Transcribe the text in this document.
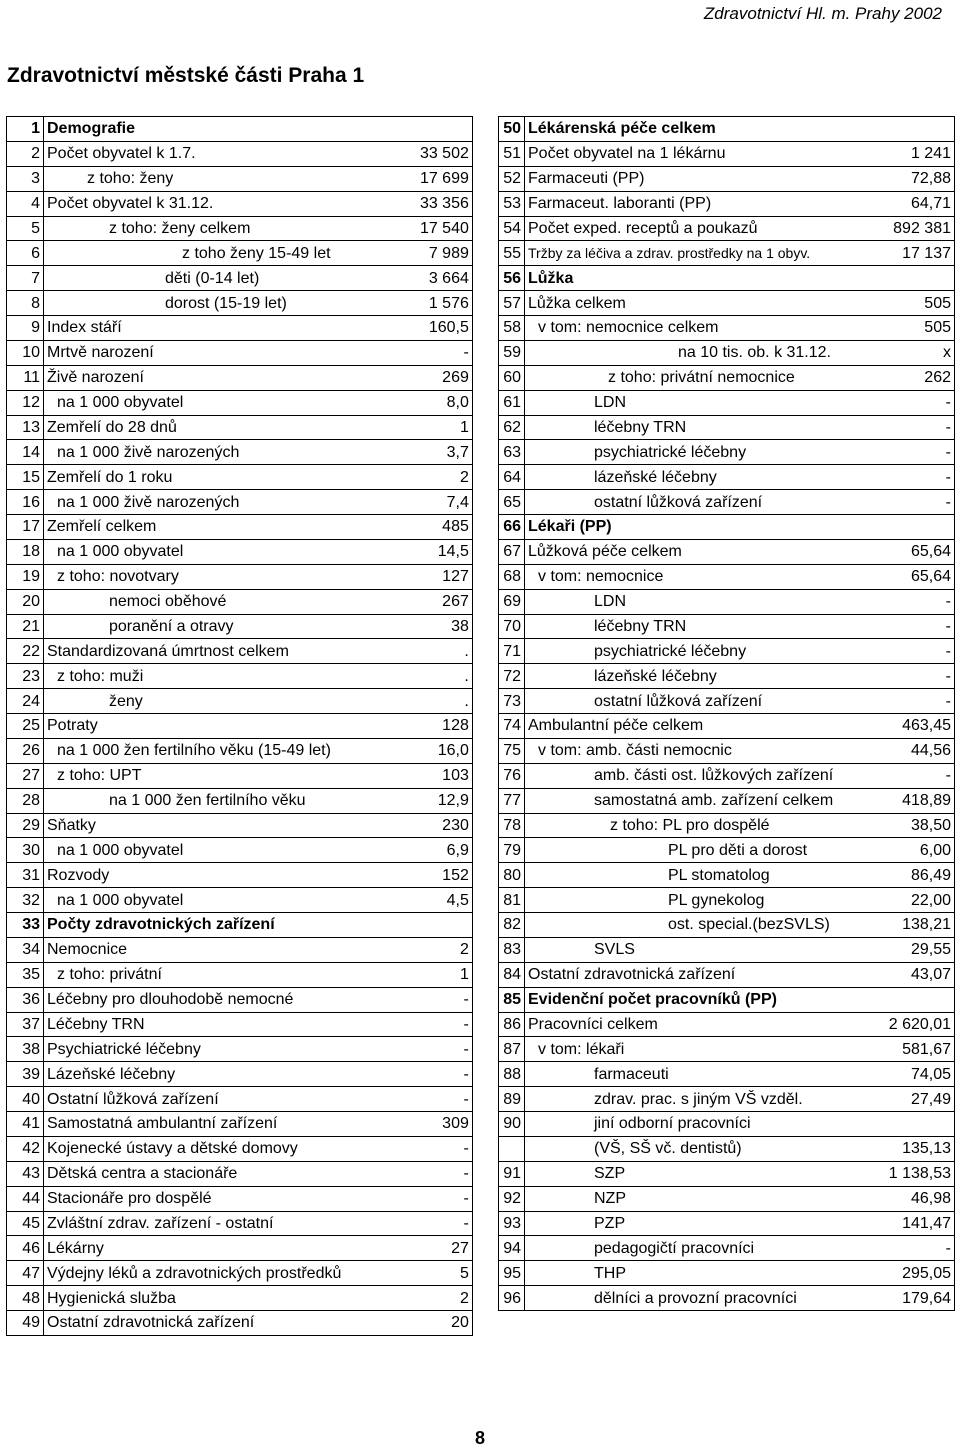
Zdravotnictví Hl. m. Prahy 2002
Zdravotnictví městské části Praha 1
1	Demografie	
2	Počet obyvatel k 1.7.	33 502
3	z toho: ženy	17 699
4	Počet obyvatel k 31.12.	33 356
5	z toho: ženy celkem	17 540
6	z toho ženy 15-49 let	7 989
7	děti (0-14 let)	3 664
8	dorost (15-19 let)	1 576
9	Index stáří	160,5
10	Mrtvě narození	-
11	Živě narození	269
12	na 1 000 obyvatel	8,0
13	Zemřelí do 28 dnů	1
14	na 1 000 živě narozených	3,7
15	Zemřelí do 1 roku	2
16	na 1 000 živě narozených	7,4
17	Zemřelí celkem	485
18	na 1 000 obyvatel	14,5
19	z toho: novotvary	127
20	nemoci oběhové	267
21	poranění a otravy	38
22	Standardizovaná úmrtnost celkem	.
23	z toho: muži	.
24	ženy	.
25	Potraty	128
26	na 1 000 žen fertilního věku (15-49 let)	16,0
27	z toho: UPT	103
28	na 1 000 žen fertilního věku	12,9
29	Sňatky	230
30	na 1 000 obyvatel	6,9
31	Rozvody	152
32	na 1 000 obyvatel	4,5
33	Počty zdravotnických zařízení	
34	Nemocnice	2
35	z toho: privátní	1
36	Léčebny pro dlouhodobě nemocné	-
37	Léčebny TRN	-
38	Psychiatrické léčebny	-
39	Lázeňské léčebny	-
40	Ostatní lůžková zařízení	-
41	Samostatná ambulantní zařízení	309
42	Kojenecké ústavy a dětské domovy	-
43	Dětská centra a stacionáře	-
44	Stacionáře pro dospělé	-
45	Zvláštní zdrav. zařízení - ostatní	-
46	Lékárny	27
47	Výdejny léků a zdravotnických prostředků	5
48	Hygienická služba	2
49	Ostatní zdravotnická zařízení	20
50	Lékárenská péče celkem	
51	Počet obyvatel na 1 lékárnu	1 241
52	Farmaceuti (PP)	72,88
53	Farmaceut. laboranti (PP)	64,71
54	Počet exped. receptů a poukazů	892 381
55	Tržby za léčiva a zdrav. prostředky na 1 obyv.	17 137
56	Lůžka	
57	Lůžka celkem	505
58	v tom: nemocnice celkem	505
59	na 10 tis. ob. k 31.12.	x
60	z toho: privátní nemocnice	262
61	LDN	-
62	léčebny TRN	-
63	psychiatrické léčebny	-
64	lázeňské léčebny	-
65	ostatní lůžková zařízení	-
66	Lékaři (PP)	
67	Lůžková péče celkem	65,64
68	v tom: nemocnice	65,64
69	LDN	-
70	léčebny TRN	-
71	psychiatrické léčebny	-
72	lázeňské léčebny	-
73	ostatní lůžková zařízení	-
74	Ambulantní péče celkem	463,45
75	v tom: amb. části nemocnic	44,56
76	amb. části ost. lůžkových zařízení	-
77	samostatná amb. zařízení celkem	418,89
78	z toho: PL pro dospělé	38,50
79	PL pro děti a dorost	6,00
80	PL stomatolog	86,49
81	PL gynekolog	22,00
82	ost. special.(bezSVLS)	138,21
83	SVLS	29,55
84	Ostatní zdravotnická zařízení	43,07
85	Evidenční počet pracovníků (PP)	
86	Pracovníci celkem	2 620,01
87	v tom: lékaři	581,67
88	farmaceuti	74,05
89	zdrav. prac. s jiným VŠ vzděl.	27,49
90	jiní odborní pracovníci	
	(VŠ, SŠ vč. dentistů)	135,13
91	SZP	1 138,53
92	NZP	46,98
93	PZP	141,47
94	pedagogičtí pracovníci	-
95	THP	295,05
96	dělníci a provozní pracovníci	179,64
8
